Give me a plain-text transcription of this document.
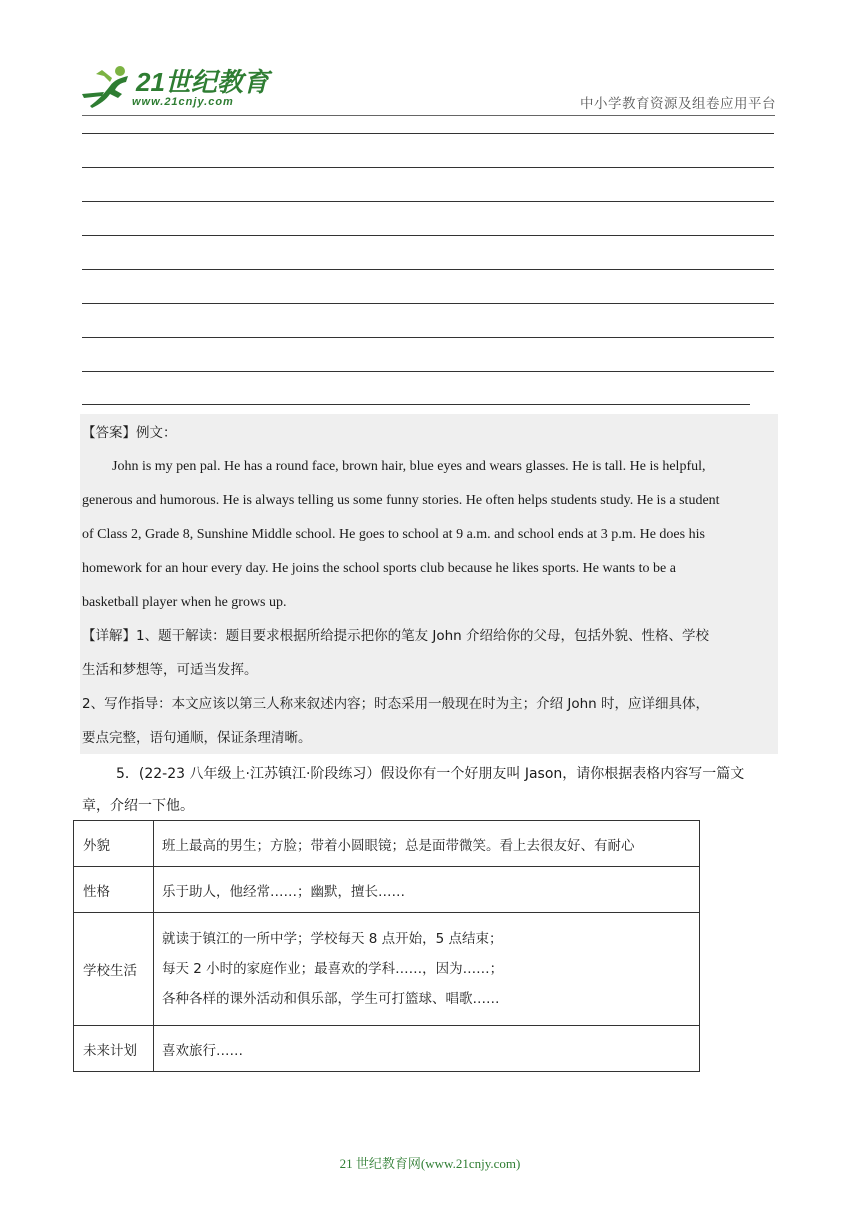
21世纪教育
www.21cnjy.com	中小学教育资源及组卷应用平台
【答案】例文：
John is my pen pal. He has a round face, brown hair, blue eyes and wears glasses. He is tall. He is helpful,
generous and humorous. He is always telling us some funny stories. He often helps students study. He is a student
of Class 2, Grade 8, Sunshine Middle school. He goes to school at 9 a.m. and school ends at 3 p.m. He does his
homework for an hour every day. He joins the school sports club because he likes sports. He wants to be a
basketball player when he grows up.
【详解】1、题干解读：题目要求根据所给提示把你的笔友 John 介绍给你的父母，包括外貌、性格、学校
生活和梦想等，可适当发挥。
2、写作指导：本文应该以第三人称来叙述内容；时态采用一般现在时为主；介绍 John 时，应详细具体，
要点完整，语句通顺，保证条理清晰。
5．(22-23 八年级上·江苏镇江·阶段练习）假设你有一个好朋友叫 Jason，请你根据表格内容写一篇文
章，介绍一下他。
外貌	班上最高的男生；方脸；带着小圆眼镜；总是面带微笑。看上去很友好、有耐心
性格	乐于助人，他经常……；幽默，擅长……
学校生活	就读于镇江的一所中学；学校每天 8 点开始，5 点结束；
每天 2 小时的家庭作业；最喜欢的学科……，因为……；
各种各样的课外活动和俱乐部，学生可打篮球、唱歌……

未来计划	喜欢旅行……
21 世纪教育网(www.21cnjy.com)
